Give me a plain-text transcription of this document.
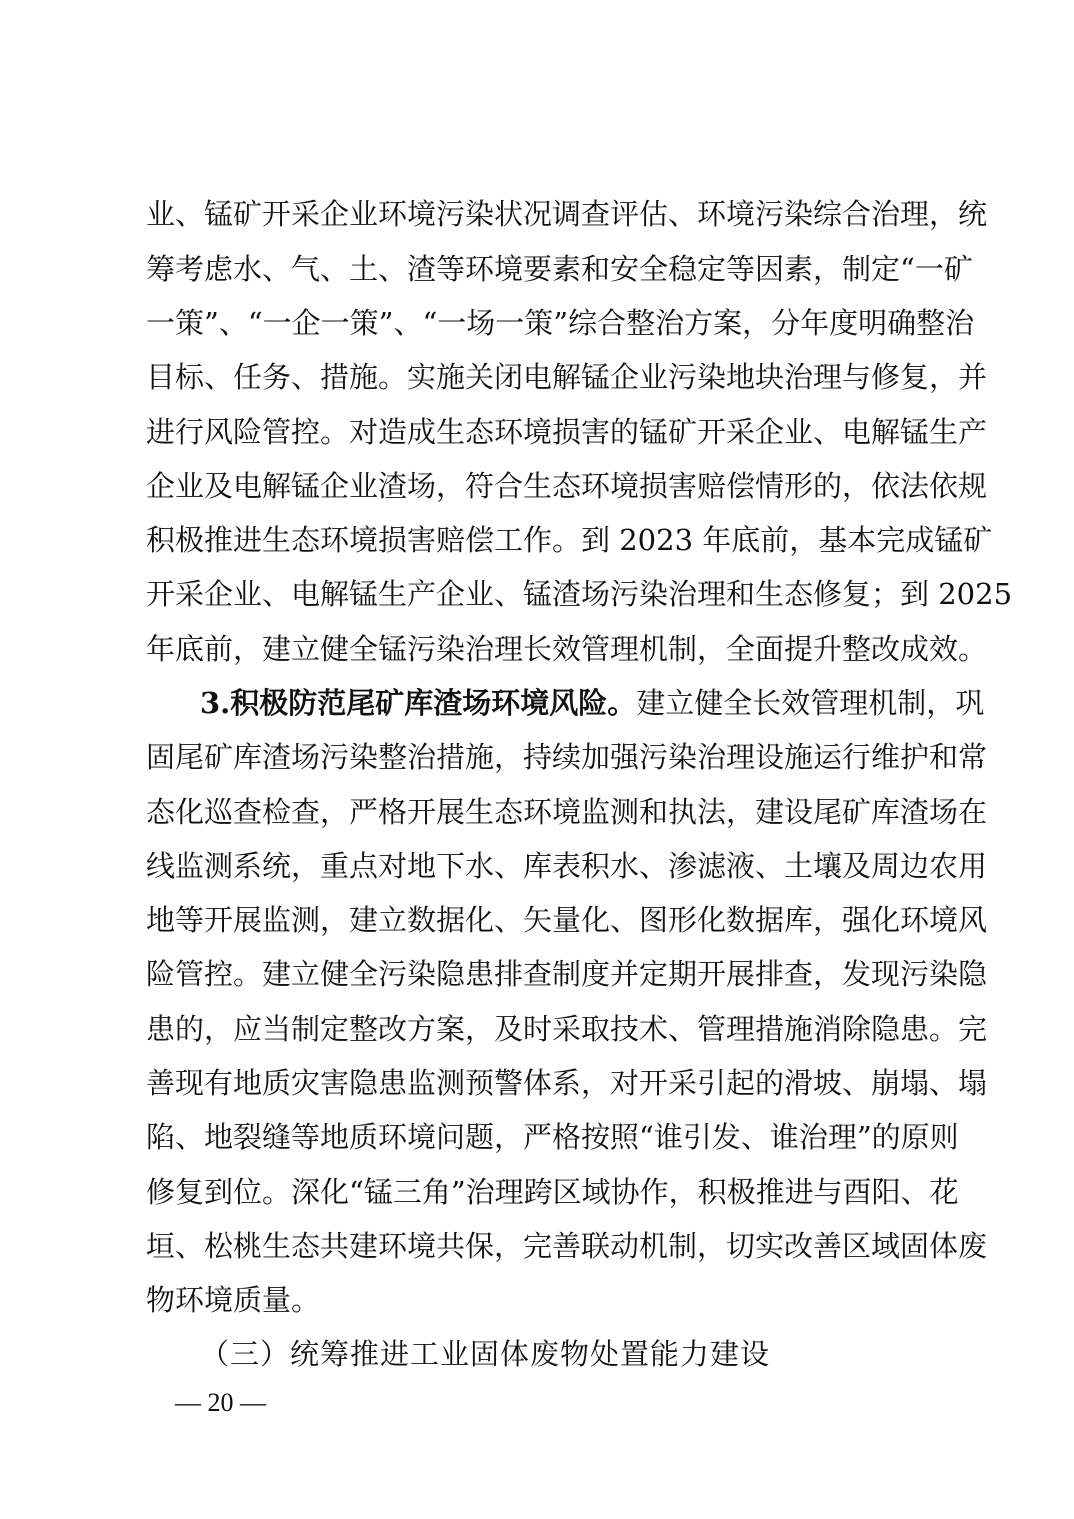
业、锰矿开采企业环境污染状况调查评估、环境污染综合治理，统
筹考虑水、气、土、渣等环境要素和安全稳定等因素，制定“一矿
一策”、“一企一策”、“一场一策”综合整治方案，分年度明确整治
目标、任务、措施。实施关闭电解锰企业污染地块治理与修复，并
进行风险管控。对造成生态环境损害的锰矿开采企业、电解锰生产
企业及电解锰企业渣场，符合生态环境损害赔偿情形的，依法依规
积极推进生态环境损害赔偿工作。到 2023 年底前，基本完成锰矿
开采企业、电解锰生产企业、锰渣场污染治理和生态修复；到 2025
年底前，建立健全锰污染治理长效管理机制，全面提升整改成效。
3.积极防范尾矿库渣场环境风险。建立健全长效管理机制，巩
固尾矿库渣场污染整治措施，持续加强污染治理设施运行维护和常
态化巡查检查，严格开展生态环境监测和执法，建设尾矿库渣场在
线监测系统，重点对地下水、库表积水、渗滤液、土壤及周边农用
地等开展监测，建立数据化、矢量化、图形化数据库，强化环境风
险管控。建立健全污染隐患排查制度并定期开展排查，发现污染隐
患的，应当制定整改方案，及时采取技术、管理措施消除隐患。完
善现有地质灾害隐患监测预警体系，对开采引起的滑坡、崩塌、塌
陷、地裂缝等地质环境问题，严格按照“谁引发、谁治理”的原则
修复到位。深化“锰三角”治理跨区域协作，积极推进与酉阳、花
垣、松桃生态共建环境共保，完善联动机制，切实改善区域固体废
物环境质量。
（三）统筹推进工业固体废物处置能力建设
— 20 —
